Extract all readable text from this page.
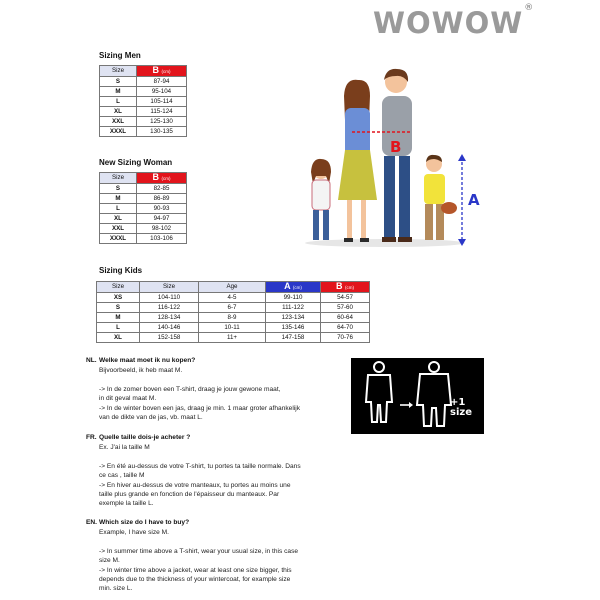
WOWOW®
Sizing Men
Size	B (cm)
S	87-94
M	95-104
L	105-114
XL	115-124
XXL	125-130
XXXL	130-135
New Sizing Woman
Size	B (cm)
S	82-85
M	86-89
L	90-93
XL	94-97
XXL	98-102
XXXL	103-106
Sizing Kids
Size	Size	Age	A (cm)	B (cm)
XS	104-110	4-5	99-110	54-57
S	116-122	6-7	111-122	57-60
M	128-134	8-9	123-134	60-64
L	140-146	10-11	135-146	64-70
XL	152-158	11+	147-158	70-76
B
A
+1
size
NL. Welke maat moet ik nu kopen?
Bijvoorbeeld, ik heb maat M.

-> In de zomer boven een T-shirt, draag je jouw gewone maat,
in dit geval maat M.
-> In de winter boven een jas, draag je min. 1 maar groter afhankelijk
van de dikte van de jas, vb. maat L.
FR. Quelle taille dois-je acheter ?
Ex. J'ai la taille M

-> En été au-dessus de votre T-shirt, tu portes ta taille normale. Dans
ce cas , taille M
-> En hiver au-dessus de votre manteaux, tu portes au moins une
taille plus grande en fonction de l'épaisseur du manteaux. Par
exemple la taille L.
EN. Which size do I have to buy?
Example, I have size M.

-> In summer time above a T-shirt, wear your usual size, in this case
size M.
-> In winter time above a jacket, wear at least one size bigger, this
depends due to the thickness of your wintercoat, for example size
min. size L.
